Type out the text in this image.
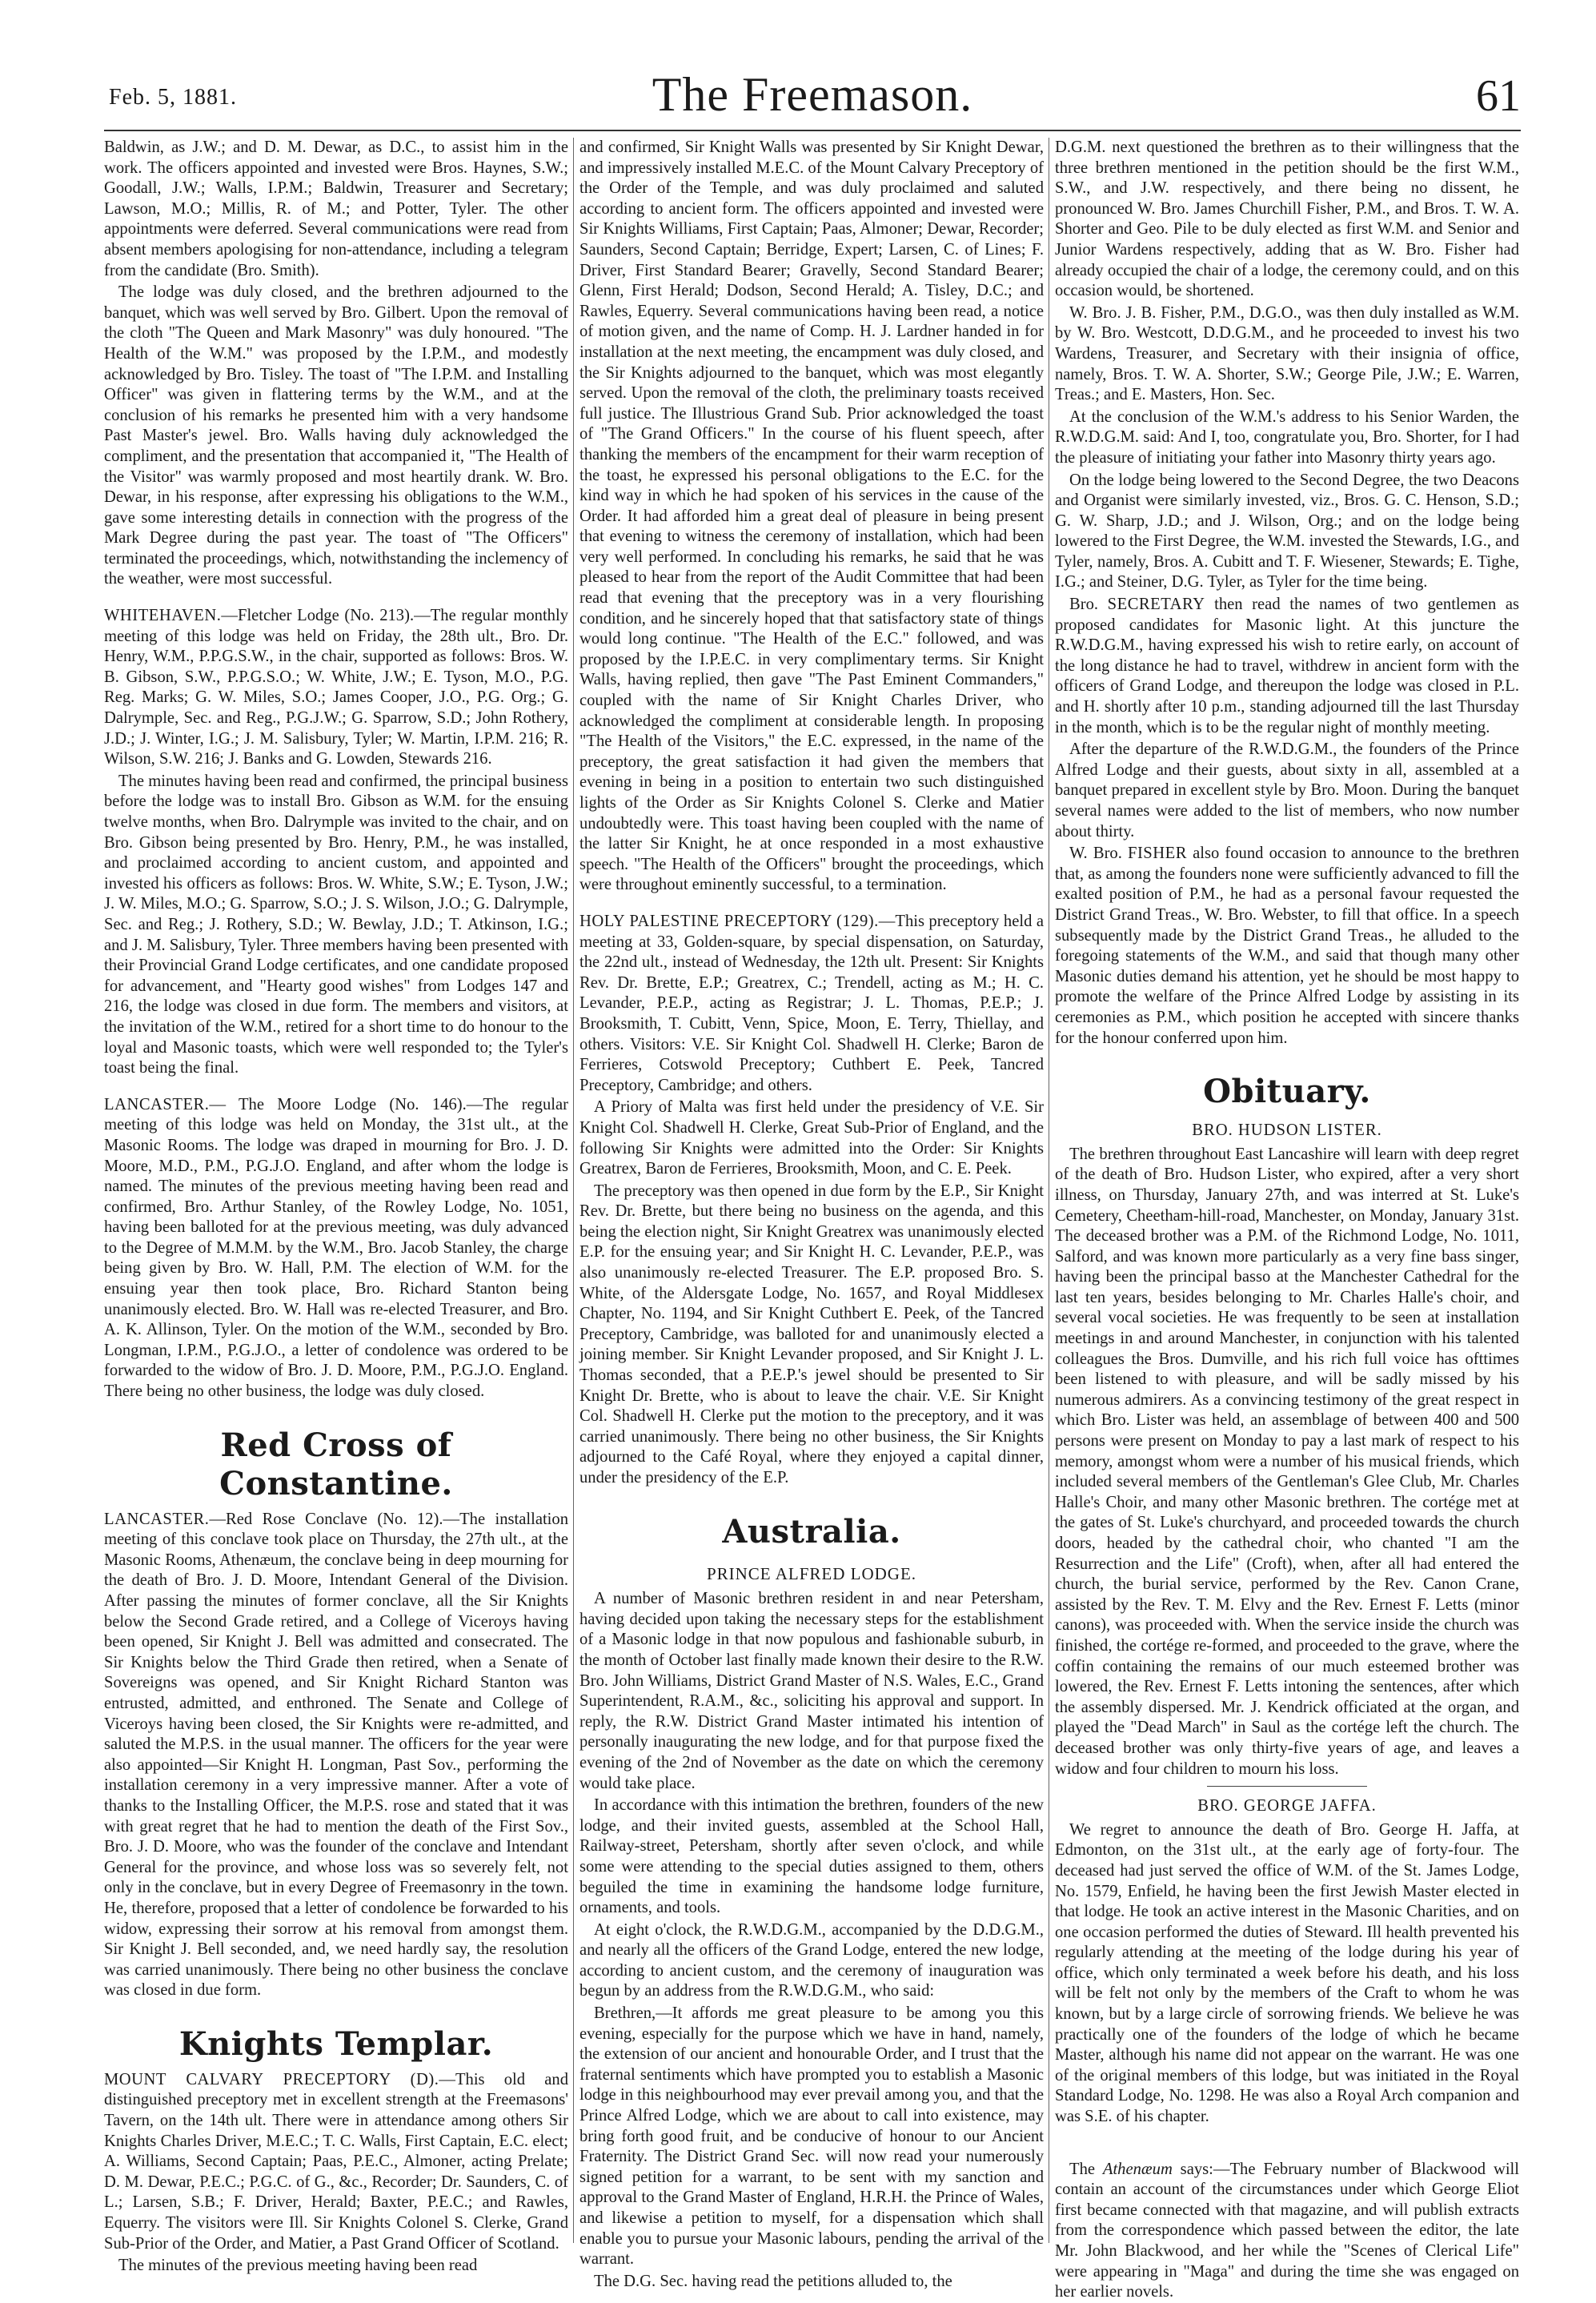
Feb. 5, 1881.	The Freemason.	61

Baldwin, as J.W.; and D. M. Dewar, as D.C., to assist him in the work. The officers appointed and invested were Bros. Haynes, S.W.; Goodall, J.W.; Walls, I.P.M.; Baldwin, Treasurer and Secretary; Lawson, M.O.; Millis, R. of M.; and Potter, Tyler. The other appointments were deferred. Several communications were read from absent members apologising for non-attendance, including a telegram from the candidate (Bro. Smith).

The lodge was duly closed, and the brethren adjourned to the banquet, which was well served by Bro. Gilbert. Upon the removal of the cloth "The Queen and Mark Masonry" was duly honoured. "The Health of the W.M." was proposed by the I.P.M., and modestly acknowledged by Bro. Tisley. The toast of "The I.P.M. and Installing Officer" was given in flattering terms by the W.M., and at the conclusion of his remarks he presented him with a very handsome Past Master's jewel. Bro. Walls having duly acknowledged the compliment, and the presentation that accompanied it, "The Health of the Visitor" was warmly proposed and most heartily drank. W. Bro. Dewar, in his response, after expressing his obligations to the W.M., gave some interesting details in connection with the progress of the Mark Degree during the past year. The toast of "The Officers" terminated the proceedings, which, notwithstanding the inclemency of the weather, were most successful.

WHITEHAVEN.—Fletcher Lodge (No. 213).—The regular monthly meeting of this lodge was held on Friday, the 28th ult., Bro. Dr. Henry, W.M., P.P.G.S.W., in the chair, supported as follows: Bros. W. B. Gibson, S.W., P.P.G.S.O.; W. White, J.W.; E. Tyson, M.O., P.G. Reg. Marks; G. W. Miles, S.O.; James Cooper, J.O., P.G. Org.; G. Dalrymple, Sec. and Reg., P.G.J.W.; G. Sparrow, S.D.; John Rothery, J.D.; J. Winter, I.G.; J. M. Salisbury, Tyler; W. Martin, I.P.M. 216; R. Wilson, S.W. 216; J. Banks and G. Lowden, Stewards 216.

The minutes having been read and confirmed, the principal business before the lodge was to install Bro. Gibson as W.M. for the ensuing twelve months, when Bro. Dalrymple was invited to the chair, and on Bro. Gibson being presented by Bro. Henry, P.M., he was installed, and proclaimed according to ancient custom, and appointed and invested his officers as follows: Bros. W. White, S.W.; E. Tyson, J.W.; J. W. Miles, M.O.; G. Sparrow, S.O.; J. S. Wilson, J.O.; G. Dalrymple, Sec. and Reg.; J. Rothery, S.D.; W. Bewlay, J.D.; T. Atkinson, I.G.; and J. M. Salisbury, Tyler. Three members having been presented with their Provincial Grand Lodge certificates, and one candidate proposed for advancement, and "Hearty good wishes" from Lodges 147 and 216, the lodge was closed in due form. The members and visitors, at the invitation of the W.M., retired for a short time to do honour to the loyal and Masonic toasts, which were well responded to; the Tyler's toast being the final.

LANCASTER.— The Moore Lodge (No. 146).—The regular meeting of this lodge was held on Monday, the 31st ult., at the Masonic Rooms. The lodge was draped in mourning for Bro. J. D. Moore, M.D., P.M., P.G.J.O. England, and after whom the lodge is named. The minutes of the previous meeting having been read and confirmed, Bro. Arthur Stanley, of the Rowley Lodge, No. 1051, having been balloted for at the previous meeting, was duly advanced to the Degree of M.M.M. by the W.M., Bro. Jacob Stanley, the charge being given by Bro. W. Hall, P.M. The election of W.M. for the ensuing year then took place, Bro. Richard Stanton being unanimously elected. Bro. W. Hall was re-elected Treasurer, and Bro. A. K. Allinson, Tyler. On the motion of the W.M., seconded by Bro. Longman, I.P.M., P.G.J.O., a letter of condolence was ordered to be forwarded to the widow of Bro. J. D. Moore, P.M., P.G.J.O. England. There being no other business, the lodge was duly closed.

Red Cross of Constantine.

LANCASTER.—Red Rose Conclave (No. 12).—The installation meeting of this conclave took place on Thursday, the 27th ult., at the Masonic Rooms, Athenæum, the conclave being in deep mourning for the death of Bro. J. D. Moore, Intendant General of the Division. After passing the minutes of former conclave, all the Sir Knights below the Second Grade retired, and a College of Viceroys having been opened, Sir Knight J. Bell was admitted and consecrated. The Sir Knights below the Third Grade then retired, when a Senate of Sovereigns was opened, and Sir Knight Richard Stanton was entrusted, admitted, and enthroned. The Senate and College of Viceroys having been closed, the Sir Knights were re-admitted, and saluted the M.P.S. in the usual manner. The officers for the year were also appointed—Sir Knight H. Longman, Past Sov., performing the installation ceremony in a very impressive manner. After a vote of thanks to the Installing Officer, the M.P.S. rose and stated that it was with great regret that he had to mention the death of the First Sov., Bro. J. D. Moore, who was the founder of the conclave and Intendant General for the province, and whose loss was so severely felt, not only in the conclave, but in every Degree of Freemasonry in the town. He, therefore, proposed that a letter of condolence be forwarded to his widow, expressing their sorrow at his removal from amongst them. Sir Knight J. Bell seconded, and, we need hardly say, the resolution was carried unanimously. There being no other business the conclave was closed in due form.

Knights Templar.

MOUNT CALVARY PRECEPTORY (D).—This old and distinguished preceptory met in excellent strength at the Freemasons' Tavern, on the 14th ult. There were in attendance among others Sir Knights Charles Driver, M.E.C.; T. C. Walls, First Captain, E.C. elect; A. Williams, Second Captain; Paas, P.E.C., Almoner, acting Prelate; D. M. Dewar, P.E.C.; P.G.C. of G., &c., Recorder; Dr. Saunders, C. of L.; Larsen, S.B.; F. Driver, Herald; Baxter, P.E.C.; and Rawles, Equerry. The visitors were Ill. Sir Knights Colonel S. Clerke, Grand Sub-Prior of the Order, and Matier, a Past Grand Officer of Scotland.

The minutes of the previous meeting having been read

and confirmed, Sir Knight Walls was presented by Sir Knight Dewar, and impressively installed M.E.C. of the Mount Calvary Preceptory of the Order of the Temple, and was duly proclaimed and saluted according to ancient form. The officers appointed and invested were Sir Knights Williams, First Captain; Paas, Almoner; Dewar, Recorder; Saunders, Second Captain; Berridge, Expert; Larsen, C. of Lines; F. Driver, First Standard Bearer; Gravelly, Second Standard Bearer; Glenn, First Herald; Dodson, Second Herald; A. Tisley, D.C.; and Rawles, Equerry. Several communications having been read, a notice of motion given, and the name of Comp. H. J. Lardner handed in for installation at the next meeting, the encampment was duly closed, and the Sir Knights adjourned to the banquet, which was most elegantly served. Upon the removal of the cloth, the preliminary toasts received full justice. The Illustrious Grand Sub. Prior acknowledged the toast of "The Grand Officers." In the course of his fluent speech, after thanking the members of the encampment for their warm reception of the toast, he expressed his personal obligations to the E.C. for the kind way in which he had spoken of his services in the cause of the Order. It had afforded him a great deal of pleasure in being present that evening to witness the ceremony of installation, which had been very well performed. In concluding his remarks, he said that he was pleased to hear from the report of the Audit Committee that had been read that evening that the preceptory was in a very flourishing condition, and he sincerely hoped that that satisfactory state of things would long continue. "The Health of the E.C." followed, and was proposed by the I.P.E.C. in very complimentary terms. Sir Knight Walls, having replied, then gave "The Past Eminent Commanders," coupled with the name of Sir Knight Charles Driver, who acknowledged the compliment at considerable length. In proposing "The Health of the Visitors," the E.C. expressed, in the name of the preceptory, the great satisfaction it had given the members that evening in being in a position to entertain two such distinguished lights of the Order as Sir Knights Colonel S. Clerke and Matier undoubtedly were. This toast having been coupled with the name of the latter Sir Knight, he at once responded in a most exhaustive speech. "The Health of the Officers" brought the proceedings, which were throughout eminently successful, to a termination.

HOLY PALESTINE PRECEPTORY (129).—This preceptory held a meeting at 33, Golden-square, by special dispensation, on Saturday, the 22nd ult., instead of Wednesday, the 12th ult. Present: Sir Knights Rev. Dr. Brette, E.P.; Greatrex, C.; Trendell, acting as M.; H. C. Levander, P.E.P., acting as Registrar; J. L. Thomas, P.E.P.; J. Brooksmith, T. Cubitt, Venn, Spice, Moon, E. Terry, Thiellay, and others. Visitors: V.E. Sir Knight Col. Shadwell H. Clerke; Baron de Ferrieres, Cotswold Preceptory; Cuthbert E. Peek, Tancred Preceptory, Cambridge; and others.

A Priory of Malta was first held under the presidency of V.E. Sir Knight Col. Shadwell H. Clerke, Great Sub-Prior of England, and the following Sir Knights were admitted into the Order: Sir Knights Greatrex, Baron de Ferrieres, Brooksmith, Moon, and C. E. Peek.

The preceptory was then opened in due form by the E.P., Sir Knight Rev. Dr. Brette, but there being no business on the agenda, and this being the election night, Sir Knight Greatrex was unanimously elected E.P. for the ensuing year; and Sir Knight H. C. Levander, P.E.P., was also unanimously re-elected Treasurer. The E.P. proposed Bro. S. White, of the Aldersgate Lodge, No. 1657, and Royal Middlesex Chapter, No. 1194, and Sir Knight Cuthbert E. Peek, of the Tancred Preceptory, Cambridge, was balloted for and unanimously elected a joining member. Sir Knight Levander proposed, and Sir Knight J. L. Thomas seconded, that a P.E.P.'s jewel should be presented to Sir Knight Dr. Brette, who is about to leave the chair. V.E. Sir Knight Col. Shadwell H. Clerke put the motion to the preceptory, and it was carried unanimously. There being no other business, the Sir Knights adjourned to the Café Royal, where they enjoyed a capital dinner, under the presidency of the E.P.

Australia.
PRINCE ALFRED LODGE.

A number of Masonic brethren resident in and near Petersham, having decided upon taking the necessary steps for the establishment of a Masonic lodge in that now populous and fashionable suburb, in the month of October last finally made known their desire to the R.W. Bro. John Williams, District Grand Master of N.S. Wales, E.C., Grand Superintendent, R.A.M., &c., soliciting his approval and support. In reply, the R.W. District Grand Master intimated his intention of personally inaugurating the new lodge, and for that purpose fixed the evening of the 2nd of November as the date on which the ceremony would take place.

In accordance with this intimation the brethren, founders of the new lodge, and their invited guests, assembled at the School Hall, Railway-street, Petersham, shortly after seven o'clock, and while some were attending to the special duties assigned to them, others beguiled the time in examining the handsome lodge furniture, ornaments, and tools.

At eight o'clock, the R.W.D.G.M., accompanied by the D.D.G.M., and nearly all the officers of the Grand Lodge, entered the new lodge, according to ancient custom, and the ceremony of inauguration was begun by an address from the R.W.D.G.M., who said:

Brethren,—It affords me great pleasure to be among you this evening, especially for the purpose which we have in hand, namely, the extension of our ancient and honourable Order, and I trust that the fraternal sentiments which have prompted you to establish a Masonic lodge in this neighbourhood may ever prevail among you, and that the Prince Alfred Lodge, which we are about to call into existence, may bring forth good fruit, and be conducive of honour to our Ancient Fraternity. The District Grand Sec. will now read your numerously signed petition for a warrant, to be sent with my sanction and approval to the Grand Master of England, H.R.H. the Prince of Wales, and likewise a petition to myself, for a dispensation which shall enable you to pursue your Masonic labours, pending the arrival of the warrant.

The D.G. Sec. having read the petitions alluded to, the

D.G.M. next questioned the brethren as to their willingness that the three brethren mentioned in the petition should be the first W.M., S.W., and J.W. respectively, and there being no dissent, he pronounced W. Bro. James Churchill Fisher, P.M., and Bros. T. W. A. Shorter and Geo. Pile to be duly elected as first W.M. and Senior and Junior Wardens respectively, adding that as W. Bro. Fisher had already occupied the chair of a lodge, the ceremony could, and on this occasion would, be shortened.

W. Bro. J. B. Fisher, P.M., D.G.O., was then duly installed as W.M. by W. Bro. Westcott, D.D.G.M., and he proceeded to invest his two Wardens, Treasurer, and Secretary with their insignia of office, namely, Bros. T. W. A. Shorter, S.W.; George Pile, J.W.; E. Warren, Treas.; and E. Masters, Hon. Sec.

At the conclusion of the W.M.'s address to his Senior Warden, the R.W.D.G.M. said: And I, too, congratulate you, Bro. Shorter, for I had the pleasure of initiating your father into Masonry thirty years ago.

On the lodge being lowered to the Second Degree, the two Deacons and Organist were similarly invested, viz., Bros. G. C. Henson, S.D.; G. W. Sharp, J.D.; and J. Wilson, Org.; and on the lodge being lowered to the First Degree, the W.M. invested the Stewards, I.G., and Tyler, namely, Bros. A. Cubitt and T. F. Wiesener, Stewards; E. Tighe, I.G.; and Steiner, D.G. Tyler, as Tyler for the time being.

Bro. SECRETARY then read the names of two gentlemen as proposed candidates for Masonic light. At this juncture the R.W.D.G.M., having expressed his wish to retire early, on account of the long distance he had to travel, withdrew in ancient form with the officers of Grand Lodge, and thereupon the lodge was closed in P.L. and H. shortly after 10 p.m., standing adjourned till the last Thursday in the month, which is to be the regular night of monthly meeting.

After the departure of the R.W.D.G.M., the founders of the Prince Alfred Lodge and their guests, about sixty in all, assembled at a banquet prepared in excellent style by Bro. Moon. During the banquet several names were added to the list of members, who now number about thirty.

W. Bro. FISHER also found occasion to announce to the brethren that, as among the founders none were sufficiently advanced to fill the exalted position of P.M., he had as a personal favour requested the District Grand Treas., W. Bro. Webster, to fill that office. In a speech subsequently made by the District Grand Treas., he alluded to the foregoing statements of the W.M., and said that though many other Masonic duties demand his attention, yet he should be most happy to promote the welfare of the Prince Alfred Lodge by assisting in its ceremonies as P.M., which position he accepted with sincere thanks for the honour conferred upon him.

Obituary.
BRO. HUDSON LISTER.

The brethren throughout East Lancashire will learn with deep regret of the death of Bro. Hudson Lister, who expired, after a very short illness, on Thursday, January 27th, and was interred at St. Luke's Cemetery, Cheetham-hill-road, Manchester, on Monday, January 31st. The deceased brother was a P.M. of the Richmond Lodge, No. 1011, Salford, and was known more particularly as a very fine bass singer, having been the principal basso at the Manchester Cathedral for the last ten years, besides belonging to Mr. Charles Halle's choir, and several vocal societies. He was frequently to be seen at installation meetings in and around Manchester, in conjunction with his talented colleagues the Bros. Dumville, and his rich full voice has ofttimes been listened to with pleasure, and will be sadly missed by his numerous admirers. As a convincing testimony of the great respect in which Bro. Lister was held, an assemblage of between 400 and 500 persons were present on Monday to pay a last mark of respect to his memory, amongst whom were a number of his musical friends, which included several members of the Gentleman's Glee Club, Mr. Charles Halle's Choir, and many other Masonic brethren. The cortége met at the gates of St. Luke's churchyard, and proceeded towards the church doors, headed by the cathedral choir, who chanted "I am the Resurrection and the Life" (Croft), when, after all had entered the church, the burial service, performed by the Rev. Canon Crane, assisted by the Rev. T. M. Elvy and the Rev. Ernest F. Letts (minor canons), was proceeded with. When the service inside the church was finished, the cortége re-formed, and proceeded to the grave, where the coffin containing the remains of our much esteemed brother was lowered, the Rev. Ernest F. Letts intoning the sentences, after which the assembly dispersed. Mr. J. Kendrick officiated at the organ, and played the "Dead March" in Saul as the cortége left the church. The deceased brother was only thirty-five years of age, and leaves a widow and four children to mourn his loss.

BRO. GEORGE JAFFA.

We regret to announce the death of Bro. George H. Jaffa, at Edmonton, on the 31st ult., at the early age of forty-four. The deceased had just served the office of W.M. of the St. James Lodge, No. 1579, Enfield, he having been the first Jewish Master elected in that lodge. He took an active interest in the Masonic Charities, and on one occasion performed the duties of Steward. Ill health prevented his regularly attending at the meeting of the lodge during his year of office, which only terminated a week before his death, and his loss will be felt not only by the members of the Craft to whom he was known, but by a large circle of sorrowing friends. We believe he was practically one of the founders of the lodge of which he became Master, although his name did not appear on the warrant. He was one of the original members of this lodge, but was initiated in the Royal Standard Lodge, No. 1298. He was also a Royal Arch companion and was S.E. of his chapter.

The Athenæum says:—The February number of Blackwood will contain an account of the circumstances under which George Eliot first became connected with that magazine, and will publish extracts from the correspondence which passed between the editor, the late Mr. John Blackwood, and her while the "Scenes of Clerical Life" were appearing in "Maga" and during the time she was engaged on her earlier novels.
